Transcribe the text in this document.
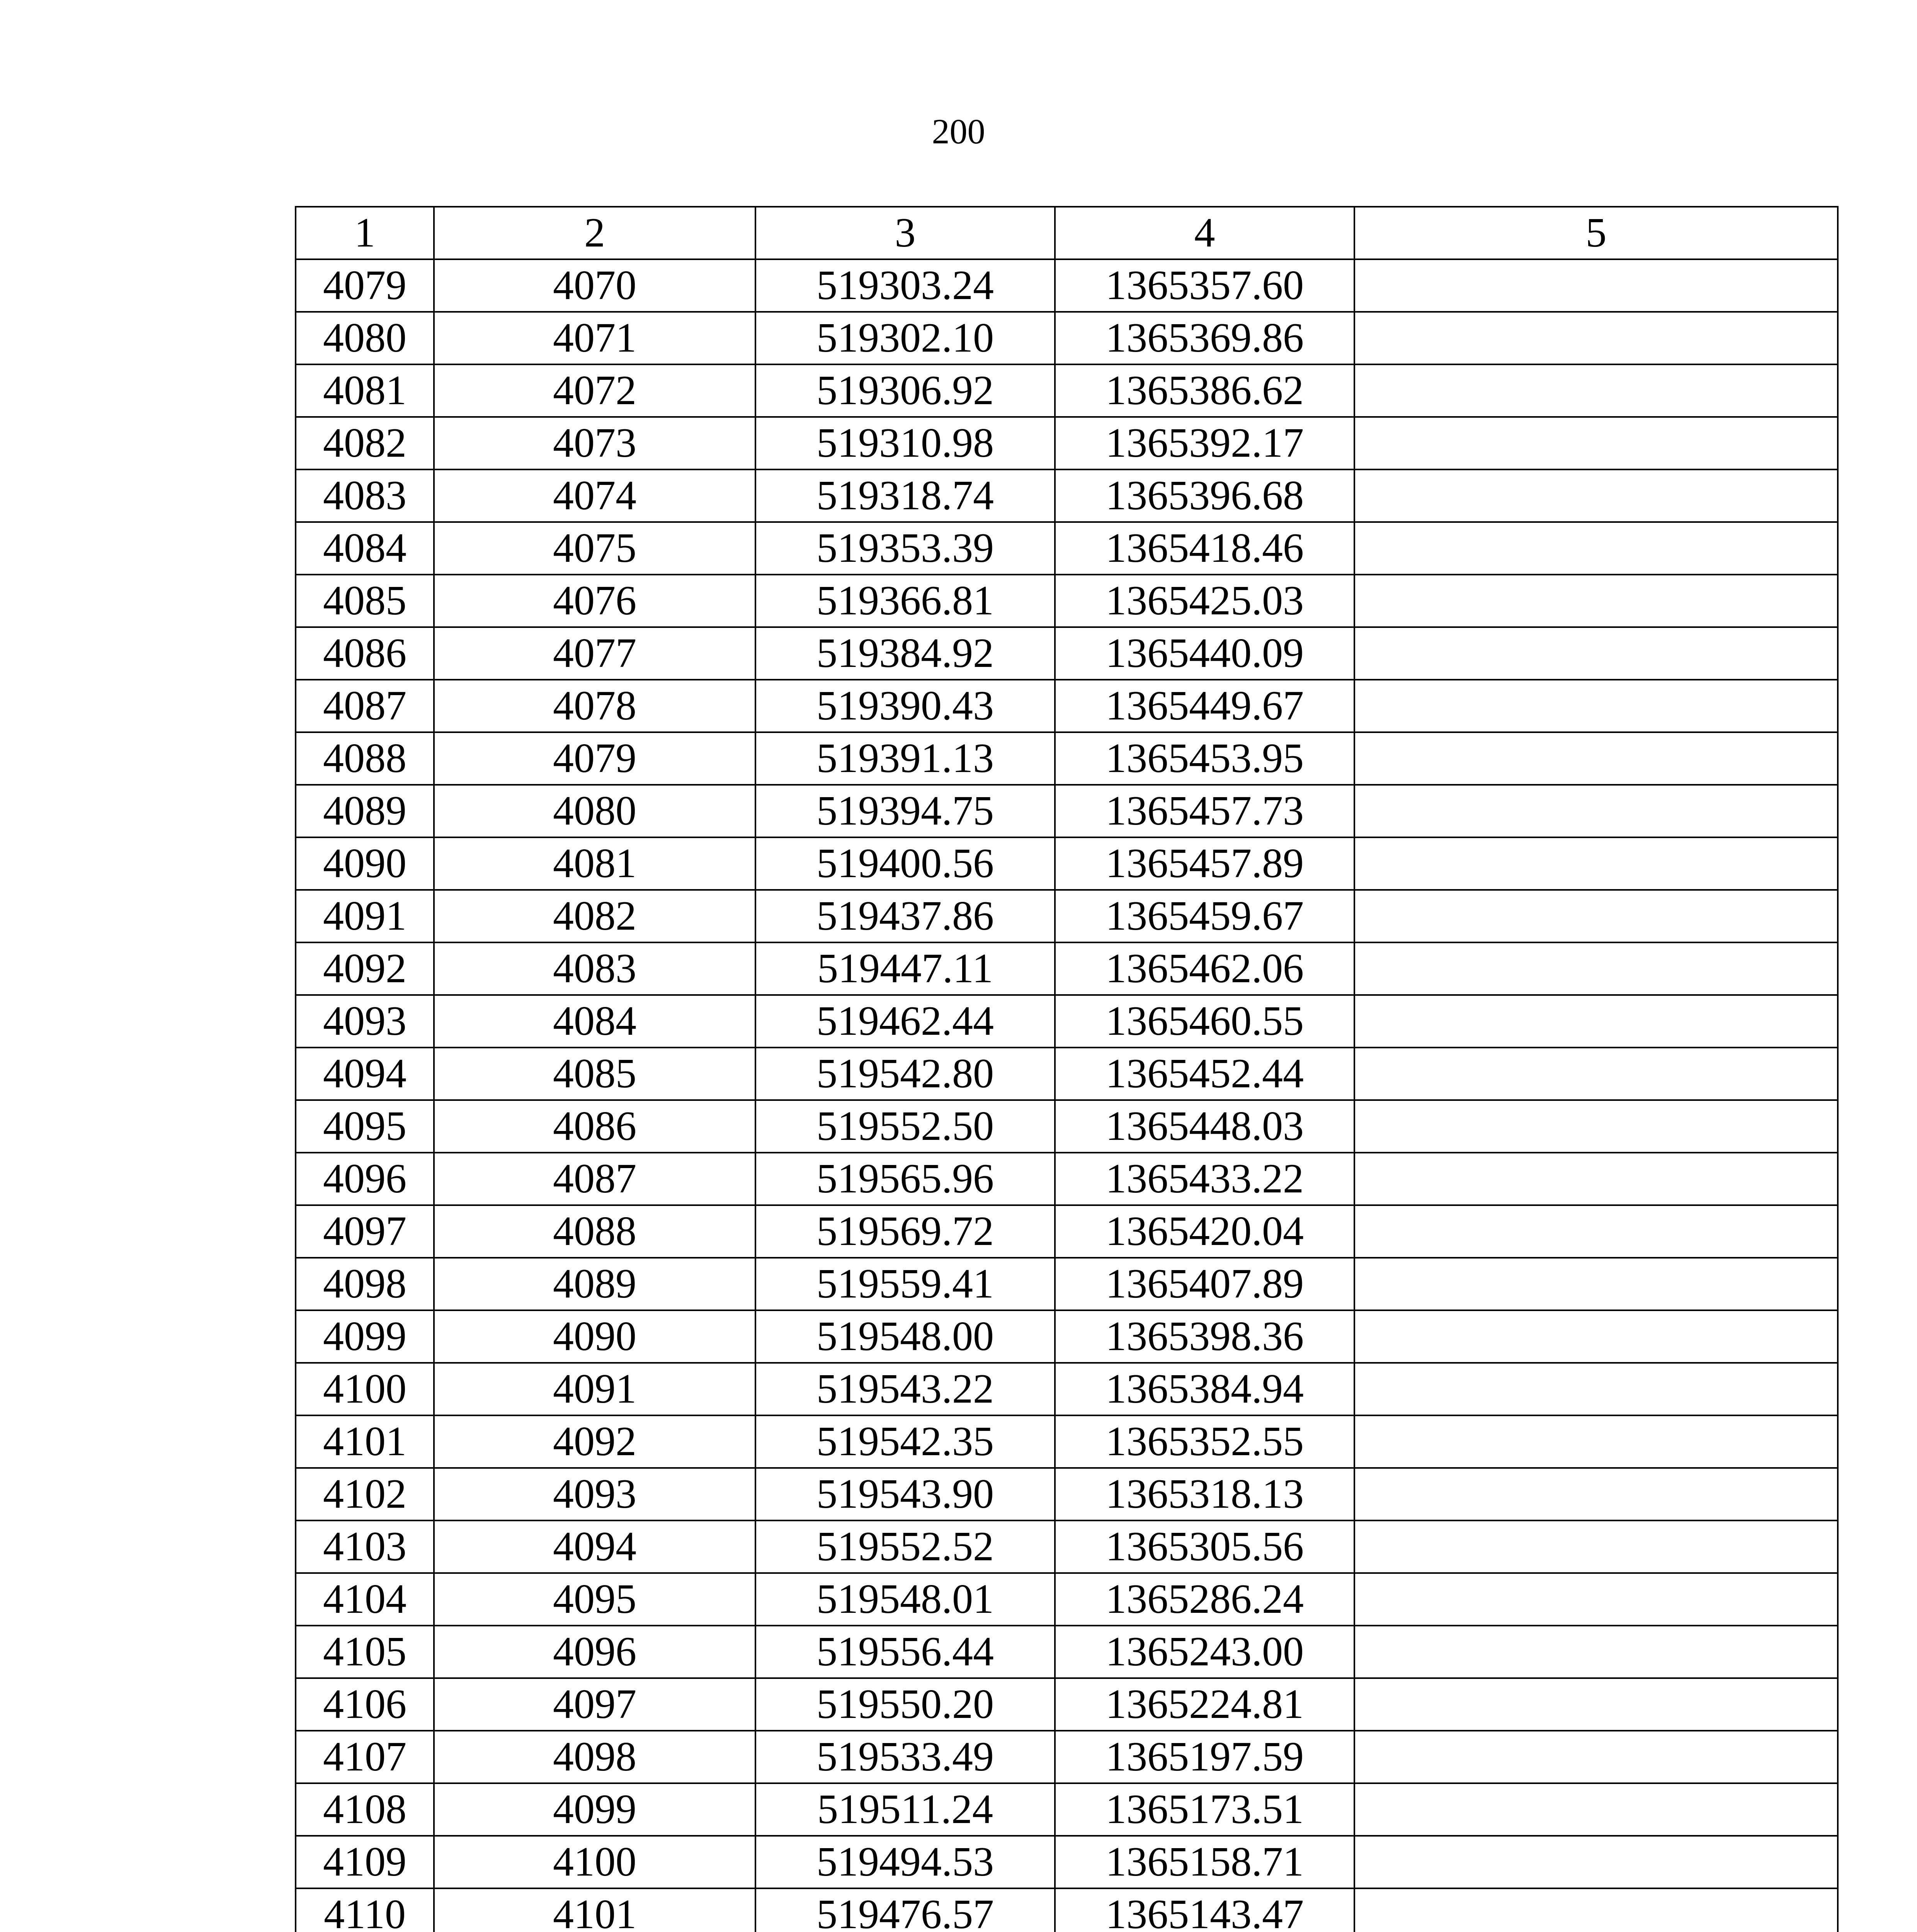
200
1	2	3	4	5
4079	4070	519303.24	1365357.60	
4080	4071	519302.10	1365369.86	
4081	4072	519306.92	1365386.62	
4082	4073	519310.98	1365392.17	
4083	4074	519318.74	1365396.68	
4084	4075	519353.39	1365418.46	
4085	4076	519366.81	1365425.03	
4086	4077	519384.92	1365440.09	
4087	4078	519390.43	1365449.67	
4088	4079	519391.13	1365453.95	
4089	4080	519394.75	1365457.73	
4090	4081	519400.56	1365457.89	
4091	4082	519437.86	1365459.67	
4092	4083	519447.11	1365462.06	
4093	4084	519462.44	1365460.55	
4094	4085	519542.80	1365452.44	
4095	4086	519552.50	1365448.03	
4096	4087	519565.96	1365433.22	
4097	4088	519569.72	1365420.04	
4098	4089	519559.41	1365407.89	
4099	4090	519548.00	1365398.36	
4100	4091	519543.22	1365384.94	
4101	4092	519542.35	1365352.55	
4102	4093	519543.90	1365318.13	
4103	4094	519552.52	1365305.56	
4104	4095	519548.01	1365286.24	
4105	4096	519556.44	1365243.00	
4106	4097	519550.20	1365224.81	
4107	4098	519533.49	1365197.59	
4108	4099	519511.24	1365173.51	
4109	4100	519494.53	1365158.71	
4110	4101	519476.57	1365143.47	
